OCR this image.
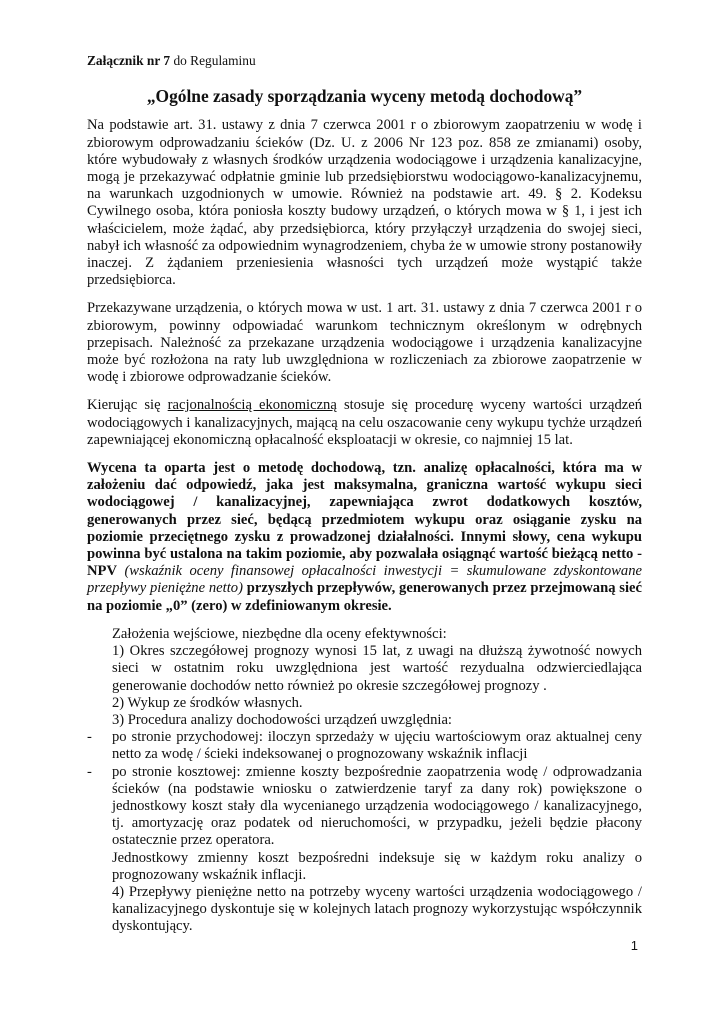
Załącznik nr 7 do Regulaminu
„Ogólne zasady sporządzania wyceny metodą dochodową”

Na podstawie art. 31. ustawy z dnia 7 czerwca 2001 r o zbiorowym zaopatrzeniu w wodę i zbiorowym odprowadzaniu ścieków (Dz. U. z 2006 Nr 123 poz. 858 ze zmianami) osoby, które wybudowały z własnych środków urządzenia wodociągowe i urządzenia kanalizacyjne, mogą je przekazywać odpłatnie gminie lub przedsiębiorstwu wodociągowo-kanalizacyjnemu, na warunkach uzgodnionych w umowie. Również na podstawie art. 49. § 2. Kodeksu Cywilnego osoba, która poniosła koszty budowy urządzeń, o których mowa w § 1, i jest ich właścicielem, może żądać, aby przedsiębiorca, który przyłączył urządzenia do swojej sieci, nabył ich własność za odpowiednim wynagrodzeniem, chyba że w umowie strony postanowiły inaczej. Z żądaniem przeniesienia własności tych urządzeń może wystąpić także przedsiębiorca.

Przekazywane urządzenia, o których mowa w ust. 1 art. 31. ustawy z dnia 7 czerwca 2001 r o zbiorowym, powinny odpowiadać warunkom technicznym określonym w odrębnych przepisach. Należność za przekazane urządzenia wodociągowe i urządzenia kanalizacyjne może być rozłożona na raty lub uwzględniona w rozliczeniach za zbiorowe zaopatrzenie w wodę i zbiorowe odprowadzanie ścieków.

Kierując się racjonalnością ekonomiczną stosuje się procedurę wyceny wartości urządzeń wodociągowych i kanalizacyjnych, mającą na celu oszacowanie ceny wykupu tychże urządzeń zapewniającej ekonomiczną opłacalność eksploatacji w okresie, co najmniej 15 lat.

Wycena ta oparta jest o metodę dochodową, tzn. analizę opłacalności, która ma w założeniu dać odpowiedź, jaka jest maksymalna, graniczna wartość wykupu sieci wodociągowej / kanalizacyjnej, zapewniająca zwrot dodatkowych kosztów, generowanych przez sieć, będącą przedmiotem wykupu oraz osiąganie zysku na poziomie przeciętnego zysku z prowadzonej działalności. Innymi słowy, cena wykupu powinna być ustalona na takim poziomie, aby pozwalała osiągnąć wartość bieżącą netto - NPV (wskaźnik oceny finansowej opłacalności inwestycji = skumulowane zdyskontowane przepływy pieniężne netto) przyszłych przepływów, generowanych przez przejmowaną sieć na poziomie „0” (zero) w zdefiniowanym okresie.

Założenia wejściowe, niezbędne dla oceny efektywności:

1) Okres szczegółowej prognozy wynosi 15 lat, z uwagi na dłuższą żywotność nowych sieci w ostatnim roku uwzględniona jest wartość rezydualna odzwierciedlająca generowanie dochodów netto również po okresie szczegółowej prognozy .

2) Wykup ze środków własnych.

3) Procedura analizy dochodowości urządzeń uwzględnia:

- po stronie przychodowej: iloczyn sprzedaży w ujęciu wartościowym oraz aktualnej ceny netto za wodę / ścieki indeksowanej o prognozowany wskaźnik inflacji
- po stronie kosztowej: zmienne koszty bezpośrednie zaopatrzenia wodę / odprowadzania ścieków (na podstawie wniosku o zatwierdzenie taryf za dany rok) powiększone o jednostkowy koszt stały dla wycenianego urządzenia wodociągowego / kanalizacyjnego, tj. amortyzację oraz podatek od nieruchomości, w przypadku, jeżeli będzie płacony ostatecznie przez operatora.

Jednostkowy zmienny koszt bezpośredni indeksuje się w każdym roku analizy o prognozowany wskaźnik inflacji.

4) Przepływy pieniężne netto na potrzeby wyceny wartości urządzenia wodociągowego / kanalizacyjnego dyskontuje się w kolejnych latach prognozy wykorzystując współczynnik dyskontujący.

1
